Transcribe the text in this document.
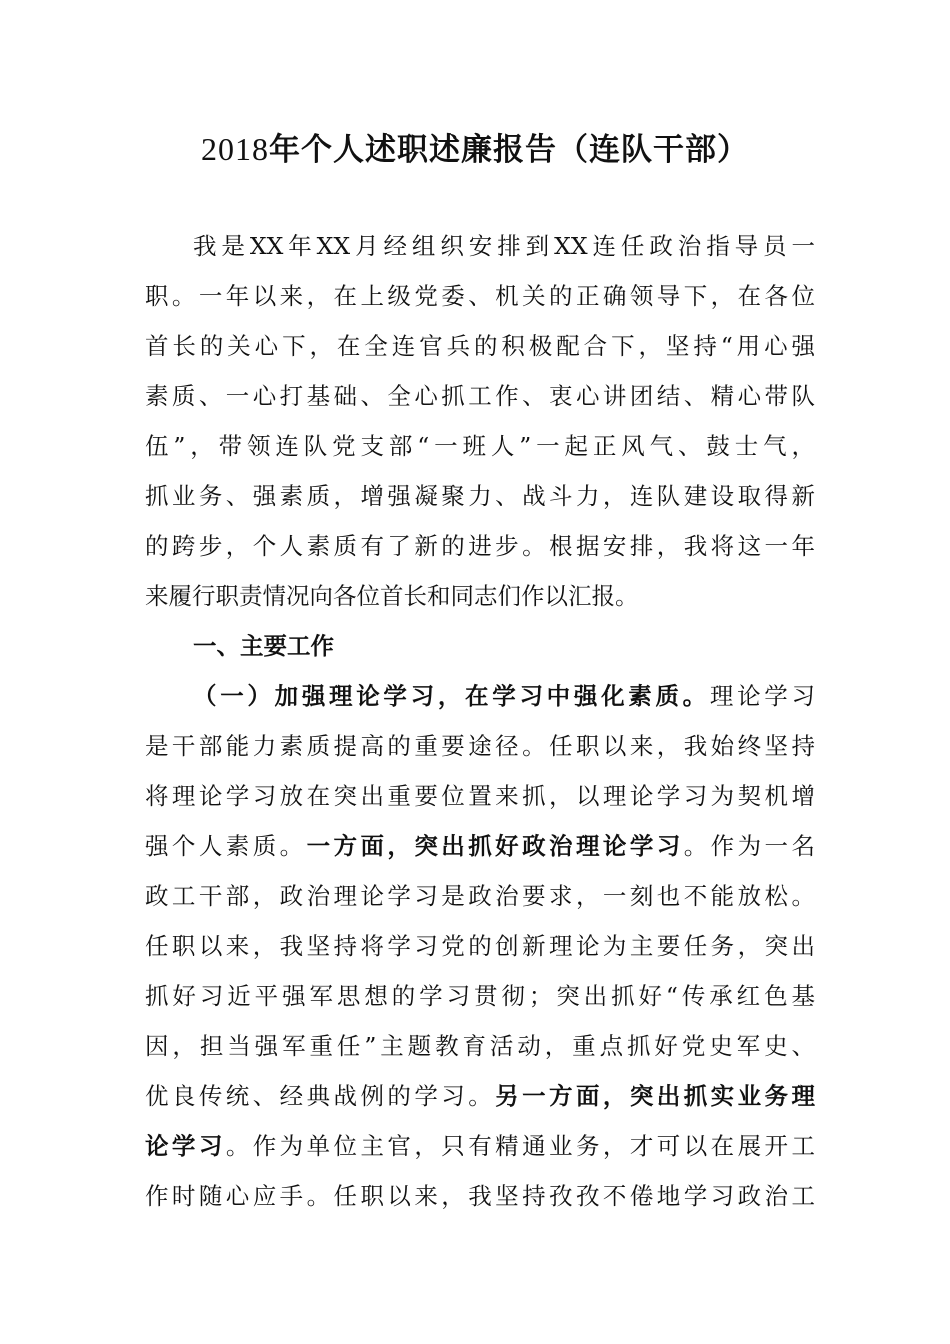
2018年个人述职述廉报告（连队干部）
我是XX年XX月经组织安排到XX连任政治指导员一
职。一年以来，在上级党委、机关的正确领导下，在各位
首长的关心下，在全连官兵的积极配合下，坚持“用心强
素质、一心打基础、全心抓工作、衷心讲团结、精心带队
伍”，带领连队党支部“一班人”一起正风气、鼓士气，
抓业务、强素质，增强凝聚力、战斗力，连队建设取得新
的跨步，个人素质有了新的进步。根据安排，我将这一年
来履行职责情况向各位首长和同志们作以汇报。
一、主要工作
（一）加强理论学习，在学习中强化素质。理论学习
是干部能力素质提高的重要途径。任职以来，我始终坚持
将理论学习放在突出重要位置来抓，以理论学习为契机增
强个人素质。一方面，突出抓好政治理论学习。作为一名
政工干部，政治理论学习是政治要求，一刻也不能放松。
任职以来，我坚持将学习党的创新理论为主要任务，突出
抓好习近平强军思想的学习贯彻；突出抓好“传承红色基
因，担当强军重任”主题教育活动，重点抓好党史军史、
优良传统、经典战例的学习。另一方面，突出抓实业务理
论学习。作为单位主官，只有精通业务，才可以在展开工
作时随心应手。任职以来，我坚持孜孜不倦地学习政治工
